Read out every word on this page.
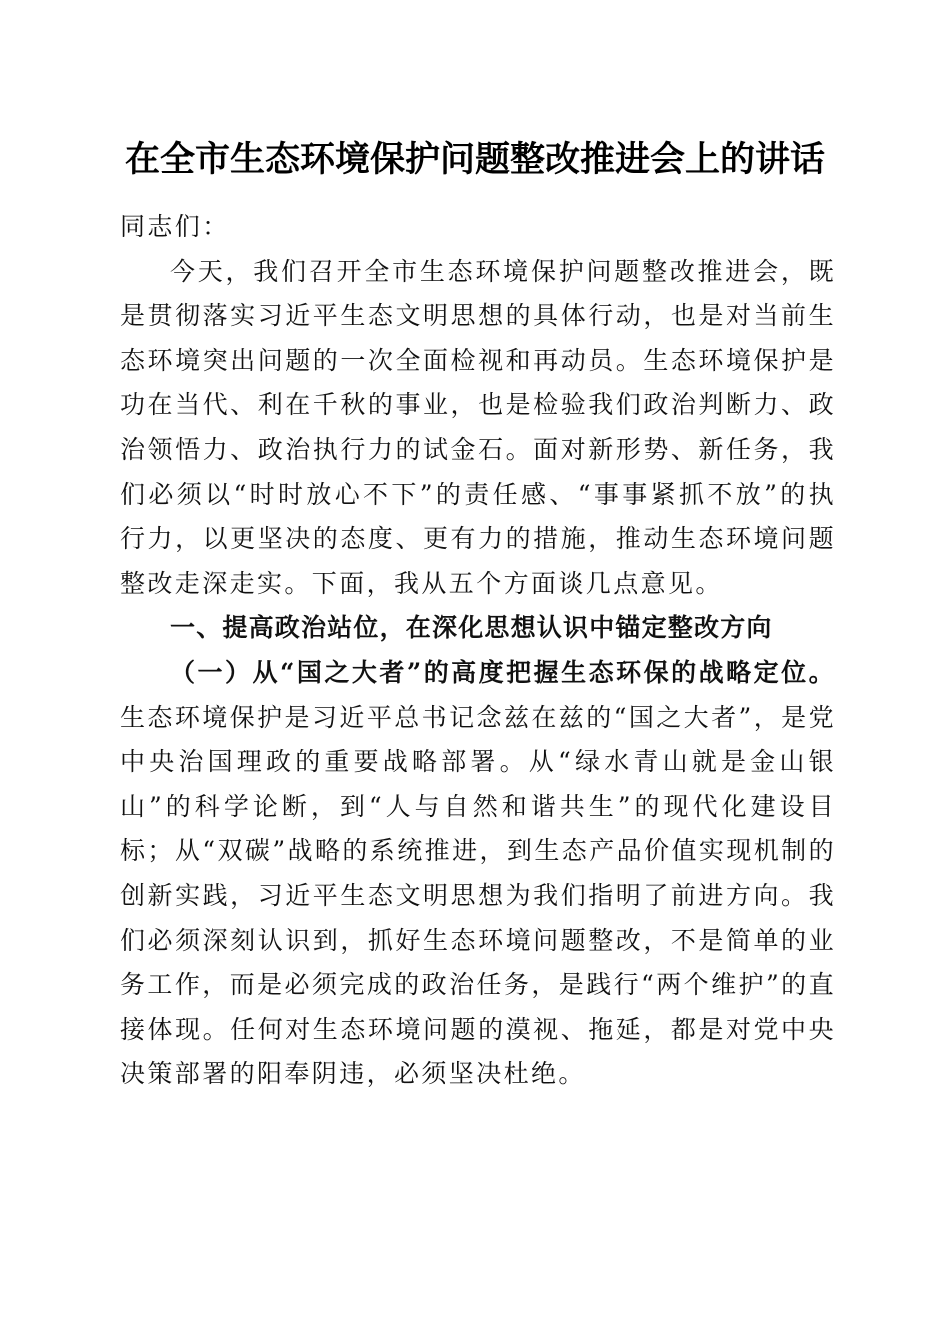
在全市生态环境保护问题整改推进会上的讲话

同志们：

今天，我们召开全市生态环境保护问题整改推进会，既是贯彻落实习近平生态文明思想的具体行动，也是对当前生态环境突出问题的一次全面检视和再动员。生态环境保护是功在当代、利在千秋的事业，也是检验我们政治判断力、政治领悟力、政治执行力的试金石。面对新形势、新任务，我们必须以“时时放心不下”的责任感、“事事紧抓不放”的执行力，以更坚决的态度、更有力的措施，推动生态环境问题整改走深走实。下面，我从五个方面谈几点意见。

一、提高政治站位，在深化思想认识中锚定整改方向

（一）从“国之大者”的高度把握生态环保的战略定位。生态环境保护是习近平总书记念兹在兹的“国之大者”，是党中央治国理政的重要战略部署。从“绿水青山就是金山银山”的科学论断，到“人与自然和谐共生”的现代化建设目标；从“双碳”战略的系统推进，到生态产品价值实现机制的创新实践，习近平生态文明思想为我们指明了前进方向。我们必须深刻认识到，抓好生态环境问题整改，不是简单的业务工作，而是必须完成的政治任务，是践行“两个维护”的直接体现。任何对生态环境问题的漠视、拖延，都是对党中央决策部署的阳奉阴违，必须坚决杜绝。
